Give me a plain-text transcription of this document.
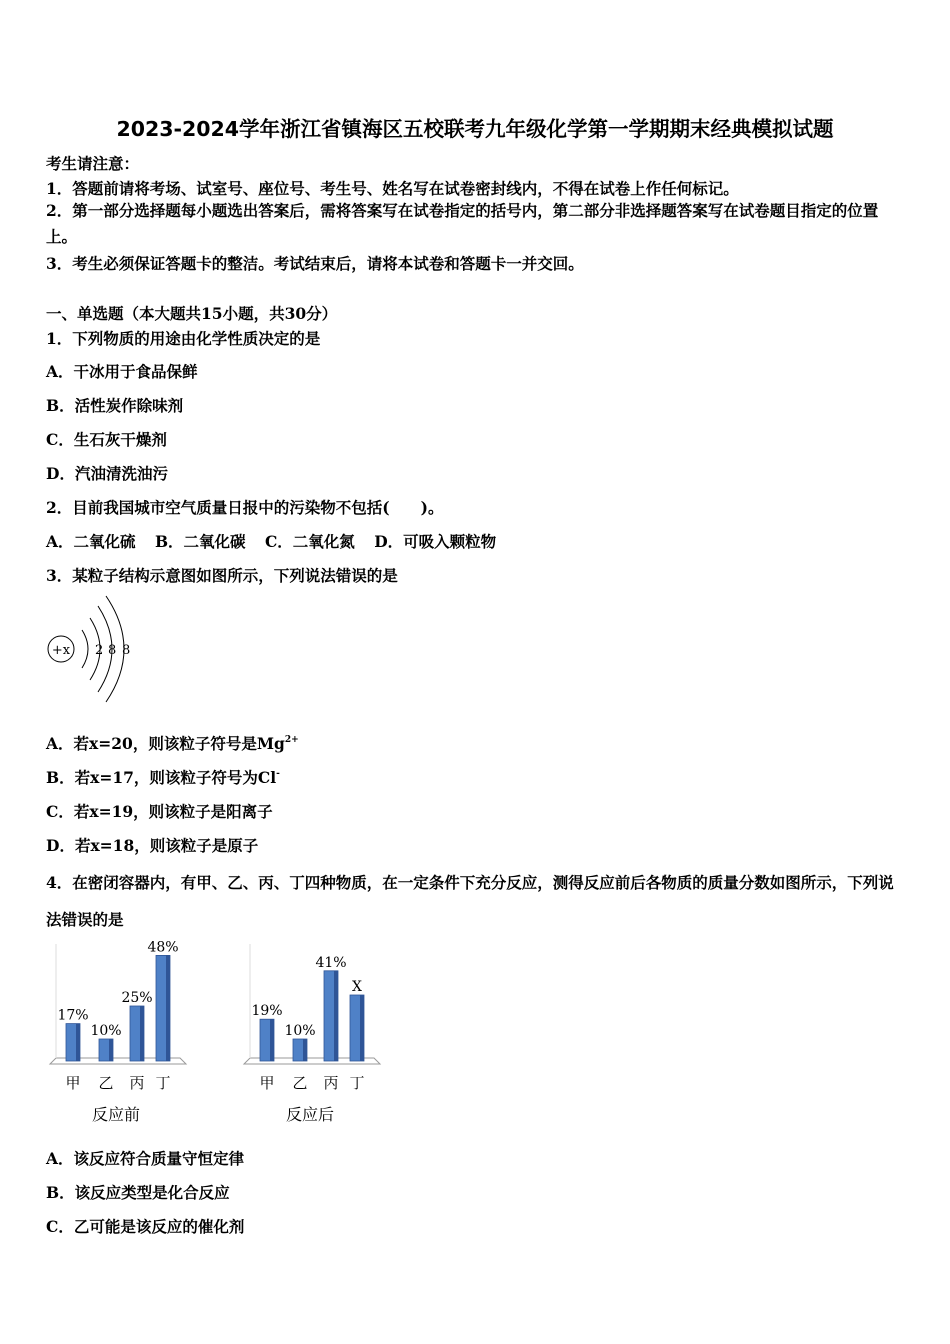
2023-2024学年浙江省镇海区五校联考九年级化学第一学期期末经典模拟试题
考生请注意：
1．答题前请将考场、试室号、座位号、考生号、姓名写在试卷密封线内，不得在试卷上作任何标记。
2．第一部分选择题每小题选出答案后，需将答案写在试卷指定的括号内，第二部分非选择题答案写在试卷题目指定的位置上。
3．考生必须保证答题卡的整洁。考试结束后，请将本试卷和答题卡一并交回。
一、单选题（本大题共15小题，共30分）
1．下列物质的用途由化学性质决定的是
A．干冰用于食品保鲜
B．活性炭作除味剂
C．生石灰干燥剂
D．汽油清洗油污
2．目前我国城市空气质量日报中的污染物不包括(　　)。
A．二氧化硫 B．二氧化碳 C．二氧化氮 D．可吸入颗粒物
3．某粒子结构示意图如图所示，下列说法错误的是
+x 2 8 8
A．若x=20，则该粒子符号是$Mg^{2+}$
B．若x=17，则该粒子符号为Cl-
C．若x=19，则该粒子是阳离子
D．若x=18，则该粒子是原子
4．在密闭容器内，有甲、乙、丙、丁四种物质，在一定条件下充分反应，测得反应前后各物质的质量分数如图所示，下列说法错误的是
17%
甲
10%
乙
25%
丙
48%
丁
反应前
19%
甲
10%
乙
41%
丙
X
丁
反应后
A．该反应符合质量守恒定律
B．该反应类型是化合反应
C．乙可能是该反应的催化剂
